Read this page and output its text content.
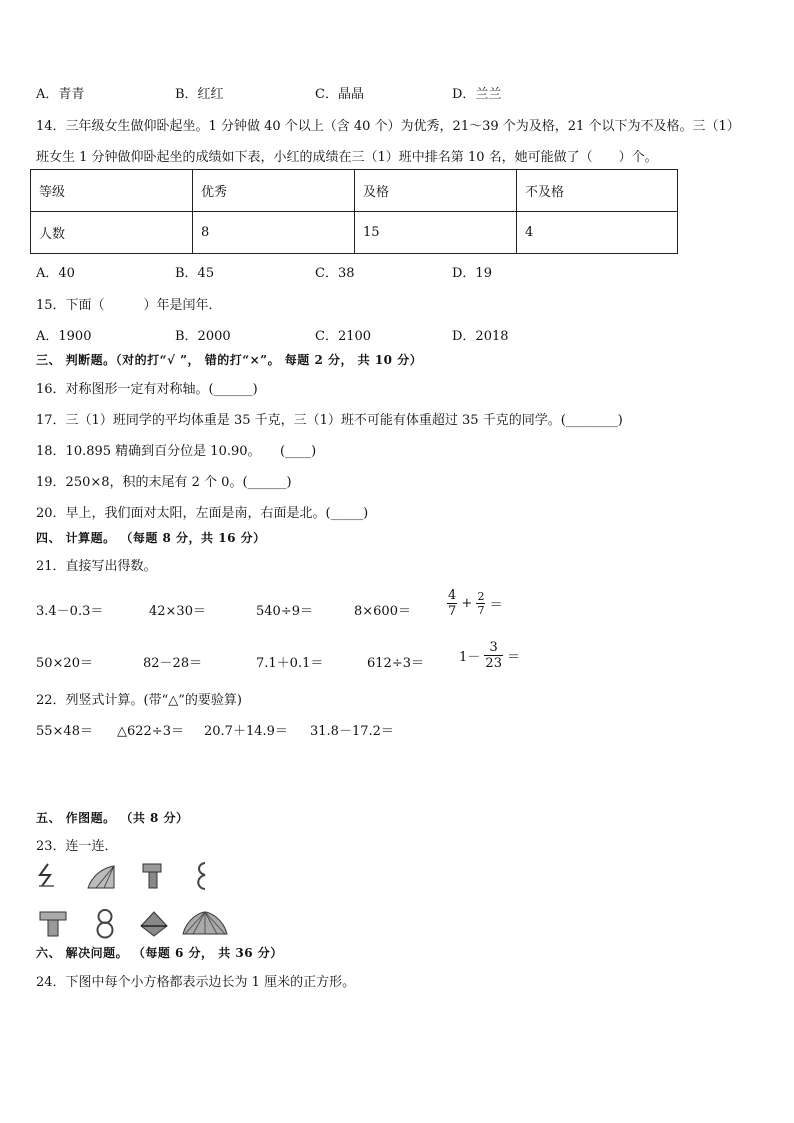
A．青青	B．红红	C．晶晶	D．兰兰
14．三年级女生做仰卧起坐。1 分钟做 40 个以上（含 40 个）为优秀，21～39 个为及格，21 个以下为不及格。三（1）
班女生 1 分钟做仰卧起坐的成绩如下表，小红的成绩在三（1）班中排名第 10 名，她可能做了（　　）个。
等级	优秀	及格	不及格
人数	8	15	4
A．40	B．45	C．38	D．19
15．下面（　　　）年是闰年．
A．1900	B．2000	C．2100	D．2018
三、 判断题。（对的打“√ ”， 错的打“×”。 每题 2 分， 共 10 分）
16．对称图形一定有对称轴。(______)
17．三（1）班同学的平均体重是 35 千克，三（1）班不可能有体重超过 35 千克的同学。(________)
18．10.895 精确到百分位是 10.90。　　(____)
19．250×8，积的末尾有 2 个 0。(______)
20．早上，我们面对太阳，左面是南，右面是北。(_____)
四、 计算题。 （每题 8 分，共 16 分）
21．直接写出得数。
3.4－0.3＝	42×30＝	540÷9＝	8×600＝	$\frac{4}{7} + \frac{2}{7}$ ＝
50×20＝	82－28＝	7.1＋0.1＝	612÷3＝	$1- \frac{3}{23}$ ＝
22．列竖式计算。(带“△”的要验算)
55×48＝ △622÷3＝ 20.7＋14.9＝ 31.8－17.2＝
五、 作图题。 （共 8 分）
23．连一连．
六、 解决问题。 （每题 6 分， 共 36 分）
24．下图中每个小方格都表示边长为 1 厘米的正方形。
